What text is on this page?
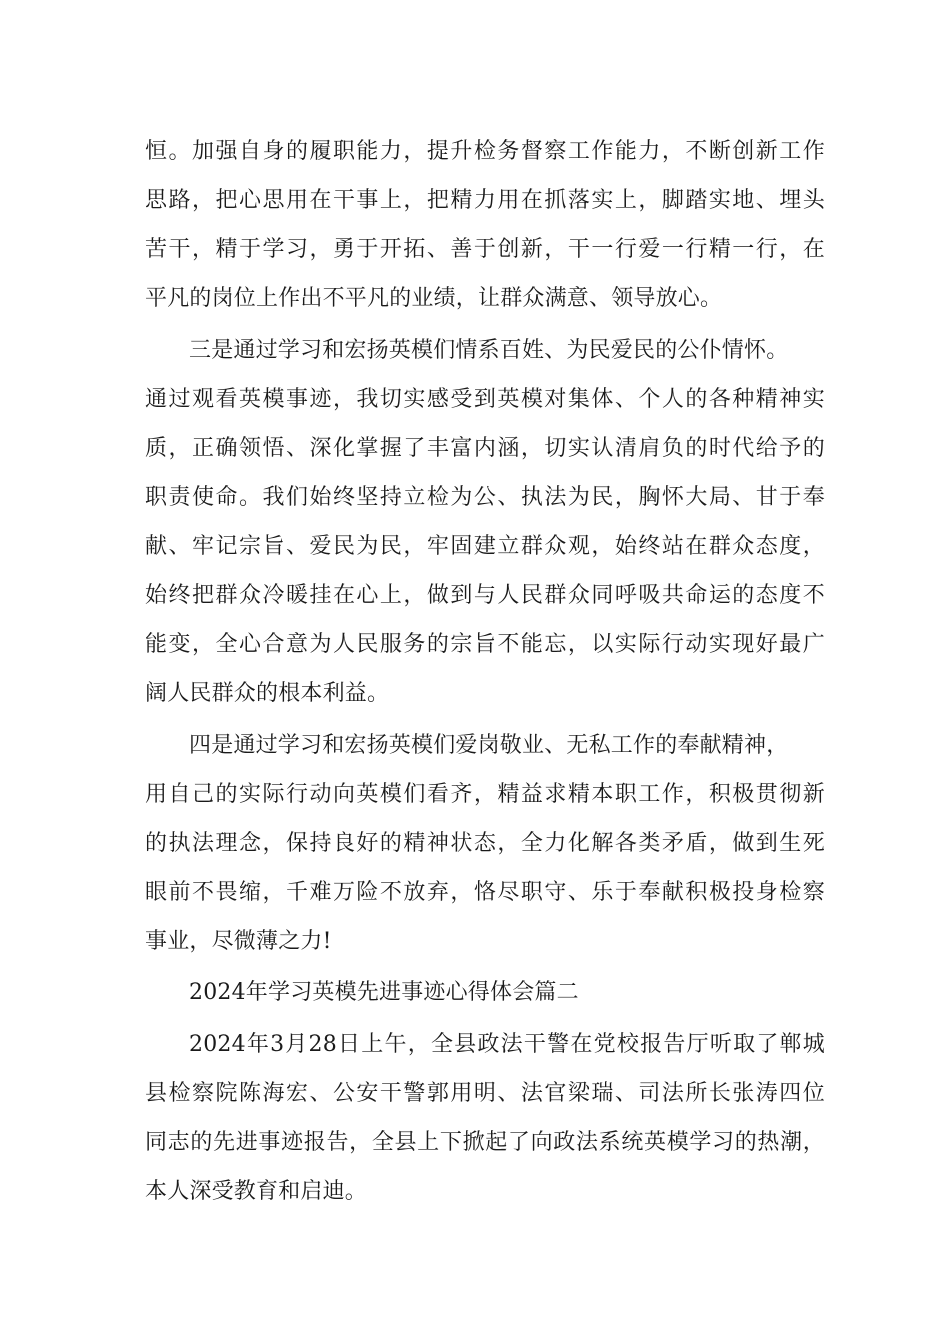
恒。加强自身的履职能力，提升检务督察工作能力，不断创新工作
思路，把心思用在干事上，把精力用在抓落实上，脚踏实地、埋头
苦干，精于学习，勇于开拓、善于创新，干一行爱一行精一行，在
平凡的岗位上作出不平凡的业绩，让群众满意、领导放心。
三是通过学习和宏扬英模们情系百姓、为民爱民的公仆情怀。
通过观看英模事迹，我切实感受到英模对集体、个人的各种精神实
质，正确领悟、深化掌握了丰富内涵，切实认清肩负的时代给予的
职责使命。我们始终坚持立检为公、执法为民，胸怀大局、甘于奉
献、牢记宗旨、爱民为民，牢固建立群众观，始终站在群众态度，
始终把群众冷暖挂在心上，做到与人民群众同呼吸共命运的态度不
能变，全心合意为人民服务的宗旨不能忘，以实际行动实现好最广
阔人民群众的根本利益。
四是通过学习和宏扬英模们爱岗敬业、无私工作的奉献精神，
用自己的实际行动向英模们看齐，精益求精本职工作，积极贯彻新
的执法理念，保持良好的精神状态，全力化解各类矛盾，做到生死
眼前不畏缩，千难万险不放弃，恪尽职守、乐于奉献积极投身检察
事业，尽微薄之力!
2024年学习英模先进事迹心得体会篇二
2024年3月28日上午，全县政法干警在党校报告厅听取了郸城
县检察院陈海宏、公安干警郭用明、法官梁瑞、司法所长张涛四位
同志的先进事迹报告，全县上下掀起了向政法系统英模学习的热潮，
本人深受教育和启迪。
